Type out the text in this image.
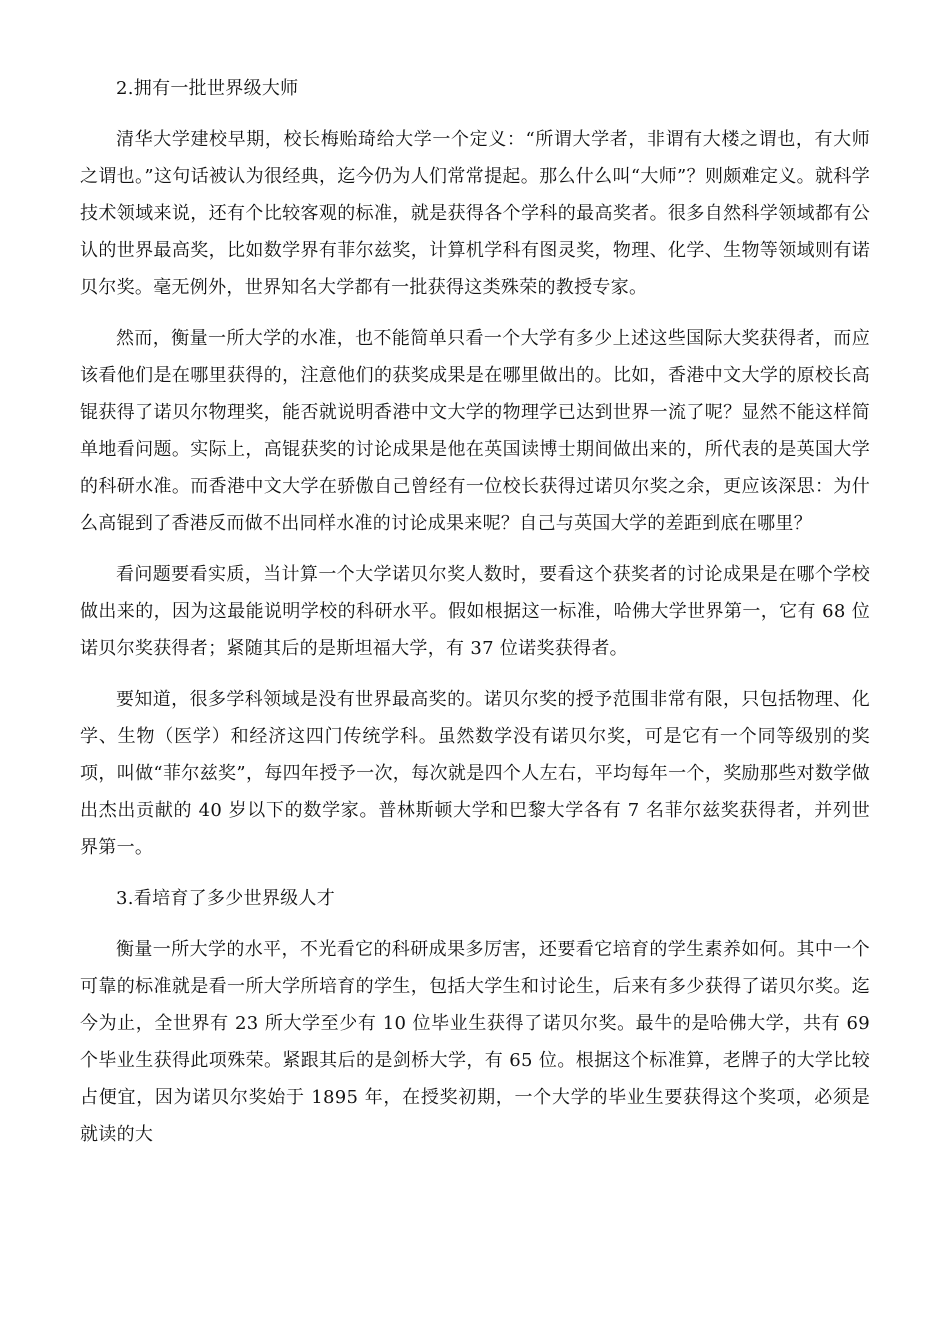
2.拥有一批世界级大师

清华大学建校早期，校长梅贻琦给大学一个定义：“所谓大学者，非谓有大楼之谓也，有大师之谓也。”这句话被认为很经典，迄今仍为人们常常提起。那么什么叫“大师”？则颇难定义。就科学技术领域来说，还有个比较客观的标准，就是获得各个学科的最高奖者。很多自然科学领域都有公认的世界最高奖，比如数学界有菲尔兹奖，计算机学科有图灵奖，物理、化学、生物等领域则有诺贝尔奖。毫无例外，世界知名大学都有一批获得这类殊荣的教授专家。

然而，衡量一所大学的水准，也不能简单只看一个大学有多少上述这些国际大奖获得者，而应该看他们是在哪里获得的，注意他们的获奖成果是在哪里做出的。比如，香港中文大学的原校长高锟获得了诺贝尔物理奖，能否就说明香港中文大学的物理学已达到世界一流了呢？显然不能这样简单地看问题。实际上，高锟获奖的讨论成果是他在英国读博士期间做出来的，所代表的是英国大学的科研水准。而香港中文大学在骄傲自己曾经有一位校长获得过诺贝尔奖之余，更应该深思：为什么高锟到了香港反而做不出同样水准的讨论成果来呢？自己与英国大学的差距到底在哪里？

看问题要看实质，当计算一个大学诺贝尔奖人数时，要看这个获奖者的讨论成果是在哪个学校做出来的，因为这最能说明学校的科研水平。假如根据这一标准，哈佛大学世界第一，它有 68 位诺贝尔奖获得者；紧随其后的是斯坦福大学，有 37 位诺奖获得者。

要知道，很多学科领域是没有世界最高奖的。诺贝尔奖的授予范围非常有限，只包括物理、化学、生物（医学）和经济这四门传统学科。虽然数学没有诺贝尔奖，可是它有一个同等级别的奖项，叫做“菲尔兹奖”，每四年授予一次，每次就是四个人左右，平均每年一个，奖励那些对数学做出杰出贡献的 40 岁以下的数学家。普林斯顿大学和巴黎大学各有 7 名菲尔兹奖获得者，并列世界第一。

3.看培育了多少世界级人才

衡量一所大学的水平，不光看它的科研成果多厉害，还要看它培育的学生素养如何。其中一个可靠的标准就是看一所大学所培育的学生，包括大学生和讨论生，后来有多少获得了诺贝尔奖。迄今为止，全世界有 23 所大学至少有 10 位毕业生获得了诺贝尔奖。最牛的是哈佛大学，共有 69 个毕业生获得此项殊荣。紧跟其后的是剑桥大学，有 65 位。根据这个标准算，老牌子的大学比较占便宜，因为诺贝尔奖始于 1895 年，在授奖初期，一个大学的毕业生要获得这个奖项，必须是就读的大
